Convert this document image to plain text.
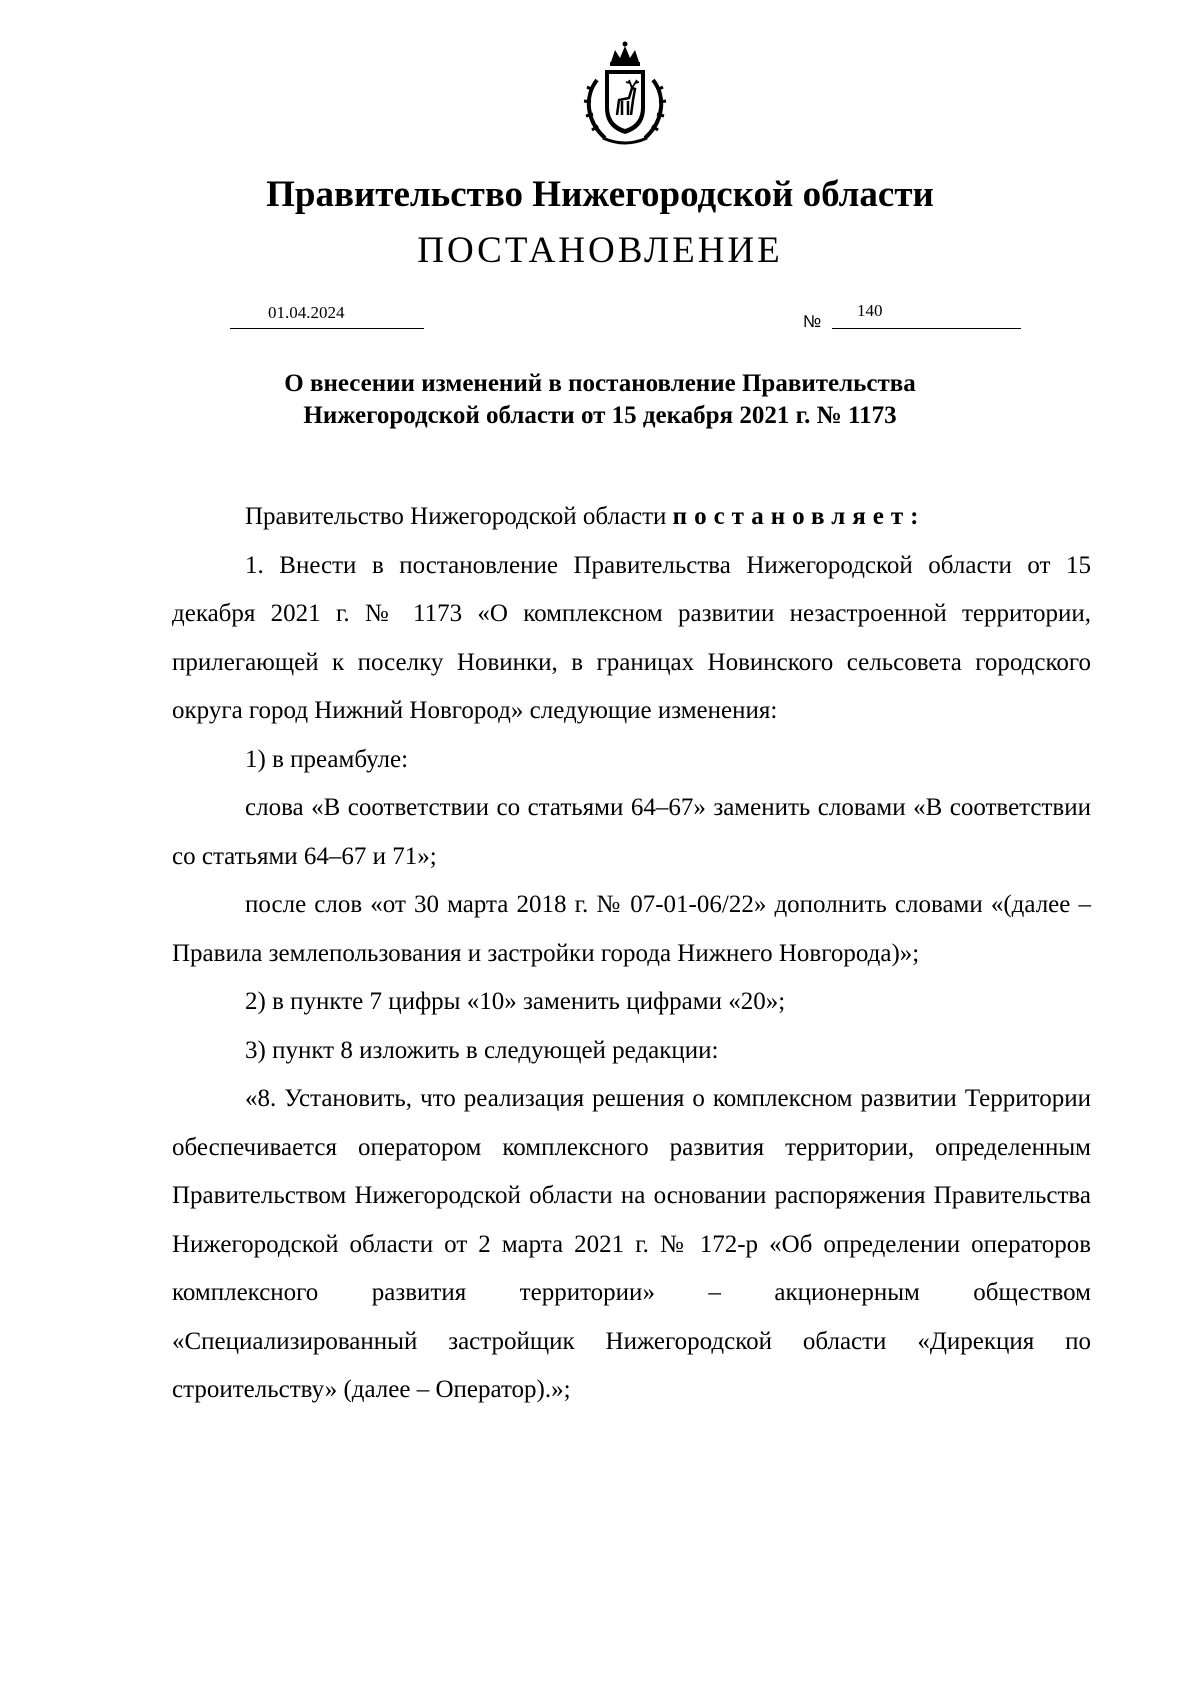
Правительство Нижегородской области
ПОСТАНОВЛЕНИЕ
01.04.2024	№
140
О внесении изменений в постановление Правительства
Нижегородской области от 15 декабря 2021 г. № 1173

Правительство Нижегородской области постановляет:

1. Внести в постановление Правительства Нижегородской области от 15 декабря 2021 г. № 1173 «О комплексном развитии незастроенной территории, прилегающей к поселку Новинки, в границах Новинского сельсовета городского округа город Нижний Новгород» следующие изменения:

1) в преамбуле:

слова «В соответствии со статьями 64–67» заменить словами «В соответствии со статьями 64–67 и 71»;

после слов «от 30 марта 2018 г. № 07-01-06/22» дополнить словами «(далее – Правила землепользования и застройки города Нижнего Новгорода)»;

2) в пункте 7 цифры «10» заменить цифрами «20»;

3) пункт 8 изложить в следующей редакции:

«8. Установить, что реализация решения о комплексном развитии Территории обеспечивается оператором комплексного развития территории, определенным Правительством Нижегородской области на основании распоряжения Правительства Нижегородской области от 2 марта 2021 г. № 172-р «Об определении операторов комплексного развития территории» – акционерным обществом «Специализированный застройщик Нижегородской области «Дирекция по строительству» (далее – Оператор).»;
